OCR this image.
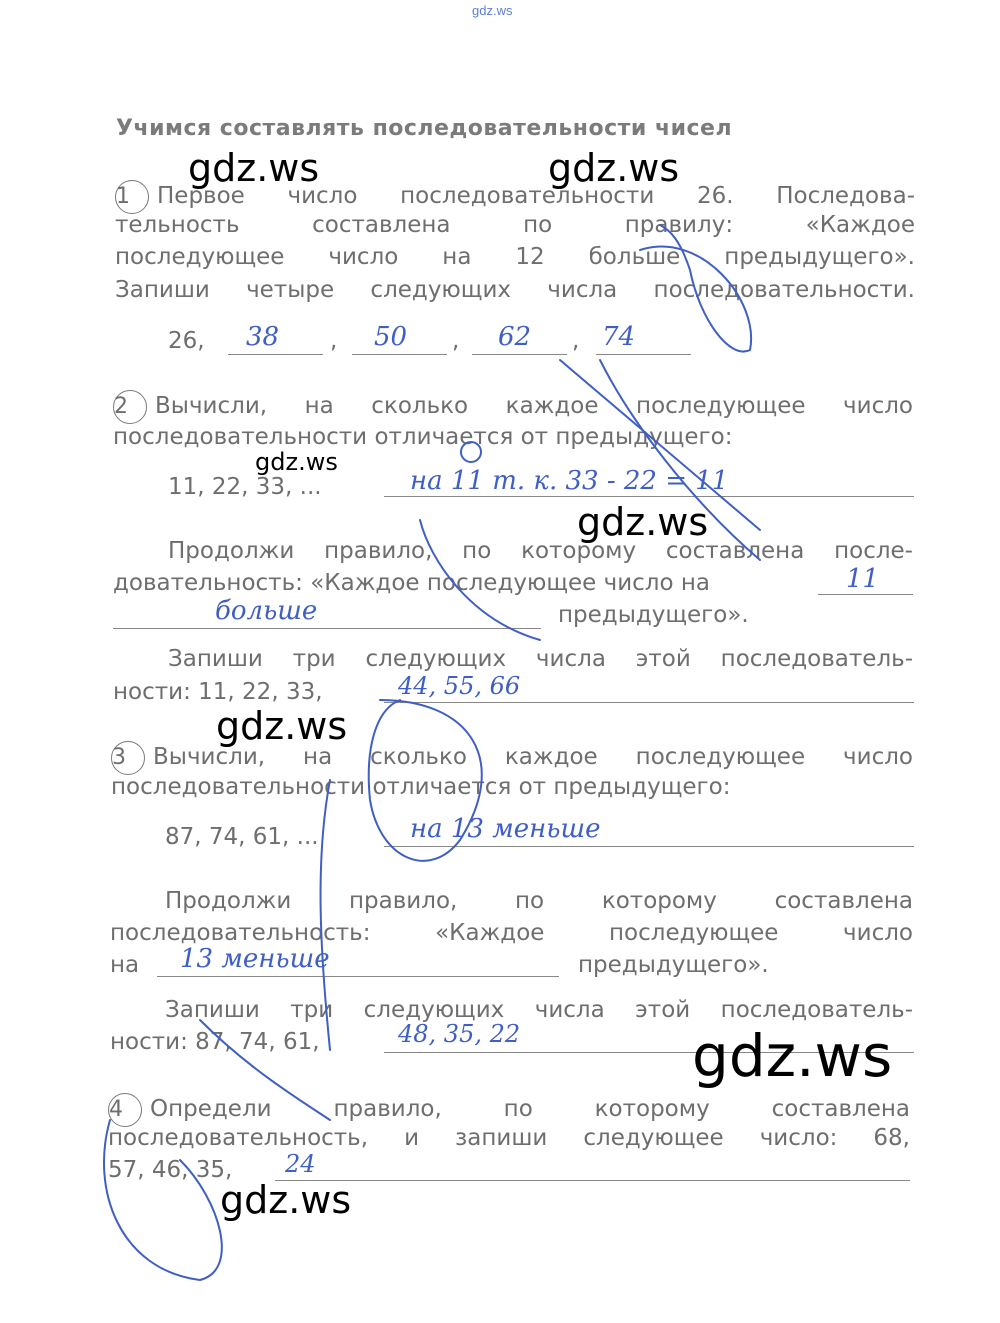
gdz.ws
Учимся составлять последовательности чисел
1 Первое число последовательности 26. Последова-
тельность составлена по правилу: «Каждое
последующее число на 12 больше предыдущего».
Запиши четыре следующих числа последовательности.
26, 38 , 50 , 62 , 74
2 Вычисли, на сколько каждое последующее число
последовательности отличается от предыдущего:
11, 22, 33, ...	на 11 т. к. 33 - 22 = 11
Продолжи правило, по которому составлена после-
довательность: «Каждое последующее число на	11
больше	предыдущего».
Запиши три следующих числа этой последователь-
ности: 11, 22, 33,	44, 55, 66
3 Вычисли, на сколько каждое последующее число
последовательности отличается от предыдущего:
87, 74, 61, ...	на 13 меньше
Продолжи правило, по которому составлена
последовательность: «Каждое последующее число
на 13 меньше	предыдущего».
Запиши три следующих числа этой последователь-
ности: 87, 74, 61,	48, 35, 22
4 Определи правило, по которому составлена
последовательность, и запиши следующее число: 68,
57, 46, 35, 24
gdz.ws	gdz.ws
gdz.ws
gdz.ws
gdz.ws
gdz.ws
gdz.ws
